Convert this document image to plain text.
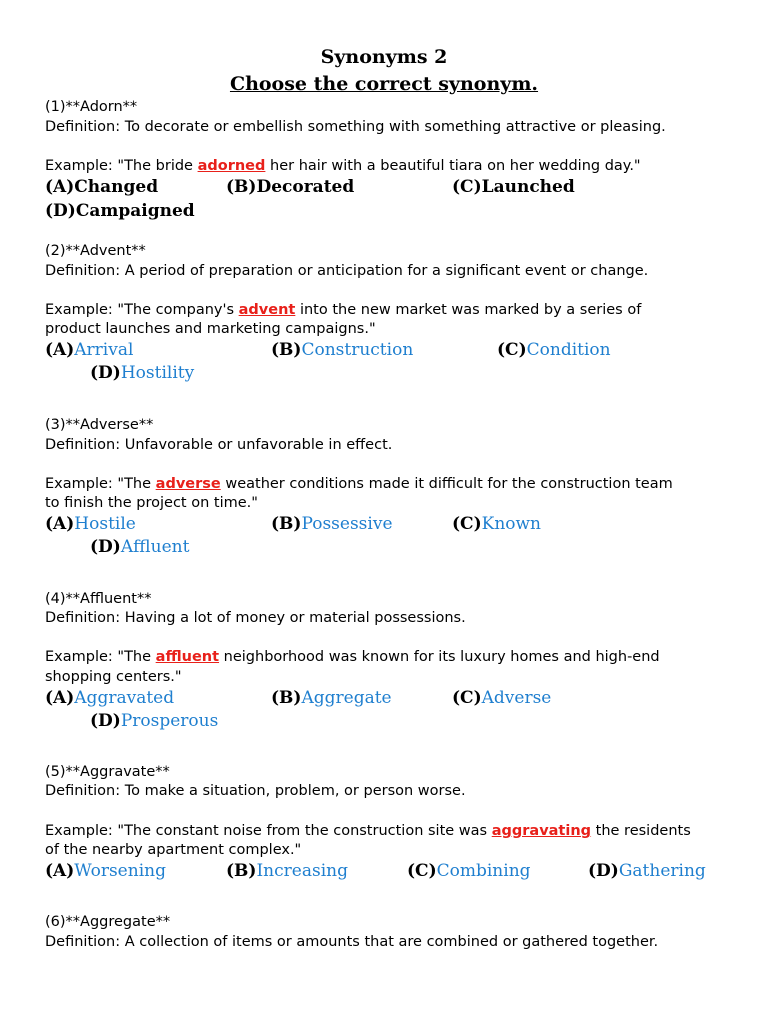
Synonyms 2
Choose the correct synonym.
(1)**Adorn**
Definition: To decorate or embellish something with something attractive or pleasing.
Example: "The bride adorned her hair with a beautiful tiara on her wedding day."
(A)Changed	(B)Decorated	(C)Launched
(D)Campaigned
(2)**Advent**
Definition: A period of preparation or anticipation for a significant event or change.
Example: "The company's advent into the new market was marked by a series of
product launches and marketing campaigns."
(A)Arrival	(B)Construction	(C)Condition
(D)Hostility
(3)**Adverse**
Definition: Unfavorable or unfavorable in effect.
Example: "The adverse weather conditions made it difficult for the construction team
to finish the project on time."
(A)Hostile	(B)Possessive	(C)Known
(D)Affluent
(4)**Affluent**
Definition: Having a lot of money or material possessions.
Example: "The affluent neighborhood was known for its luxury homes and high-end
shopping centers."
(A)Aggravated	(B)Aggregate	(C)Adverse
(D)Prosperous
(5)**Aggravate**
Definition: To make a situation, problem, or person worse.
Example: "The constant noise from the construction site was aggravating the residents
of the nearby apartment complex."
(A)Worsening	(B)Increasing	(C)Combining	(D)Gathering
(6)**Aggregate**
Definition: A collection of items or amounts that are combined or gathered together.
